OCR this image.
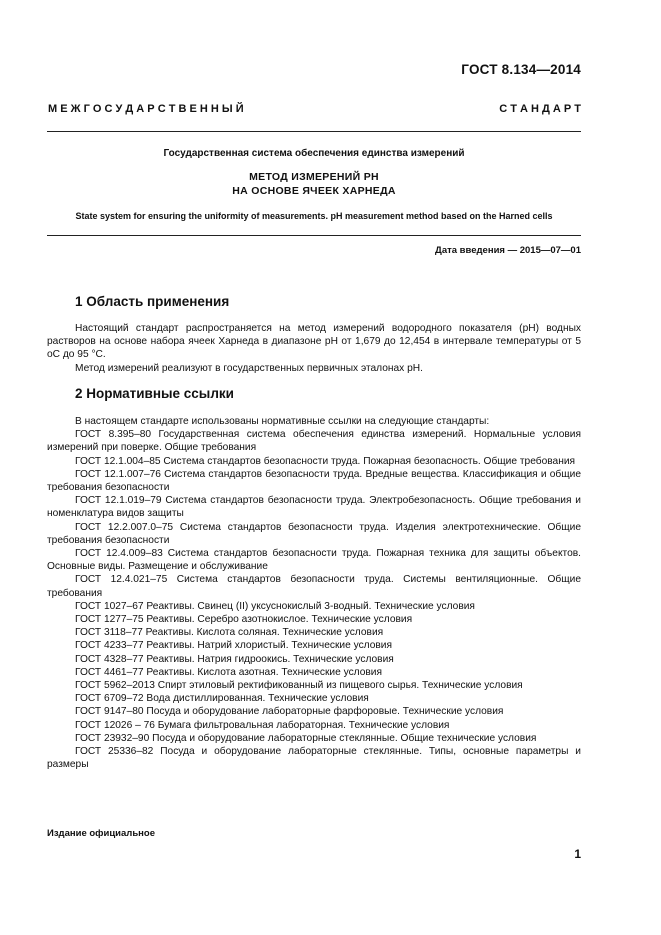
ГОСТ 8.134—2014
М Е Ж Г О С У Д А Р С Т В Е Н Н Ы Й	С Т А Н Д А Р Т
Государственная система обеспечения единства измерений
МЕТОД ИЗМЕРЕНИЙ РН
НА ОСНОВЕ ЯЧЕЕК ХАРНЕДА
State system for ensuring the uniformity of measurements. pH measurement method based on the Harned cells
Дата введения — 2015—07—01
1 Область применения

Настоящий стандарт распространяется на метод измерений водородного показателя (pH) водных растворов на основе набора ячеек Харнеда в диапазоне pH от 1,679 до 12,454 в интервале температуры от 5 оС до 95 °С.

Метод измерений реализуют в государственных первичных эталонах pH.

2 Нормативные ссылки

В настоящем стандарте использованы нормативные ссылки на следующие стандарты:

ГОСТ 8.395–80 Государственная система обеспечения единства измерений. Нормальные условия измерений при поверке. Общие требования

ГОСТ 12.1.004–85 Система стандартов безопасности труда. Пожарная безопасность. Общие требования

ГОСТ 12.1.007–76 Система стандартов безопасности труда. Вредные вещества. Классификация и общие требования безопасности

ГОСТ 12.1.019–79 Система стандартов безопасности труда. Электробезопасность. Общие требования и номенклатура видов защиты

ГОСТ 12.2.007.0–75 Система стандартов безопасности труда. Изделия электротехнические. Общие требования безопасности

ГОСТ 12.4.009–83 Система стандартов безопасности труда. Пожарная техника для защиты объектов. Основные виды. Размещение и обслуживание

ГОСТ 12.4.021–75 Система стандартов безопасности труда. Системы вентиляционные. Общие требования

ГОСТ 1027–67 Реактивы. Свинец (II) уксуснокислый 3-водный. Технические условия

ГОСТ 1277–75 Реактивы. Серебро азотнокислое. Технические условия

ГОСТ 3118–77 Реактивы. Кислота соляная. Технические условия

ГОСТ 4233–77 Реактивы. Натрий хлористый. Технические условия

ГОСТ 4328–77 Реактивы. Натрия гидроокись. Технические условия

ГОСТ 4461–77 Реактивы. Кислота азотная. Технические условия

ГОСТ 5962–2013 Спирт этиловый ректификованный из пищевого сырья. Технические условия

ГОСТ 6709–72 Вода дистиллированная. Технические условия

ГОСТ 9147–80 Посуда и оборудование лабораторные фарфоровые. Технические условия

ГОСТ 12026 – 76 Бумага фильтровальная лабораторная. Технические условия

ГОСТ 23932–90 Посуда и оборудование лабораторные стеклянные. Общие технические условия

ГОСТ 25336–82 Посуда и оборудование лабораторные стеклянные. Типы, основные параметры и размеры

Издание официальное
1
